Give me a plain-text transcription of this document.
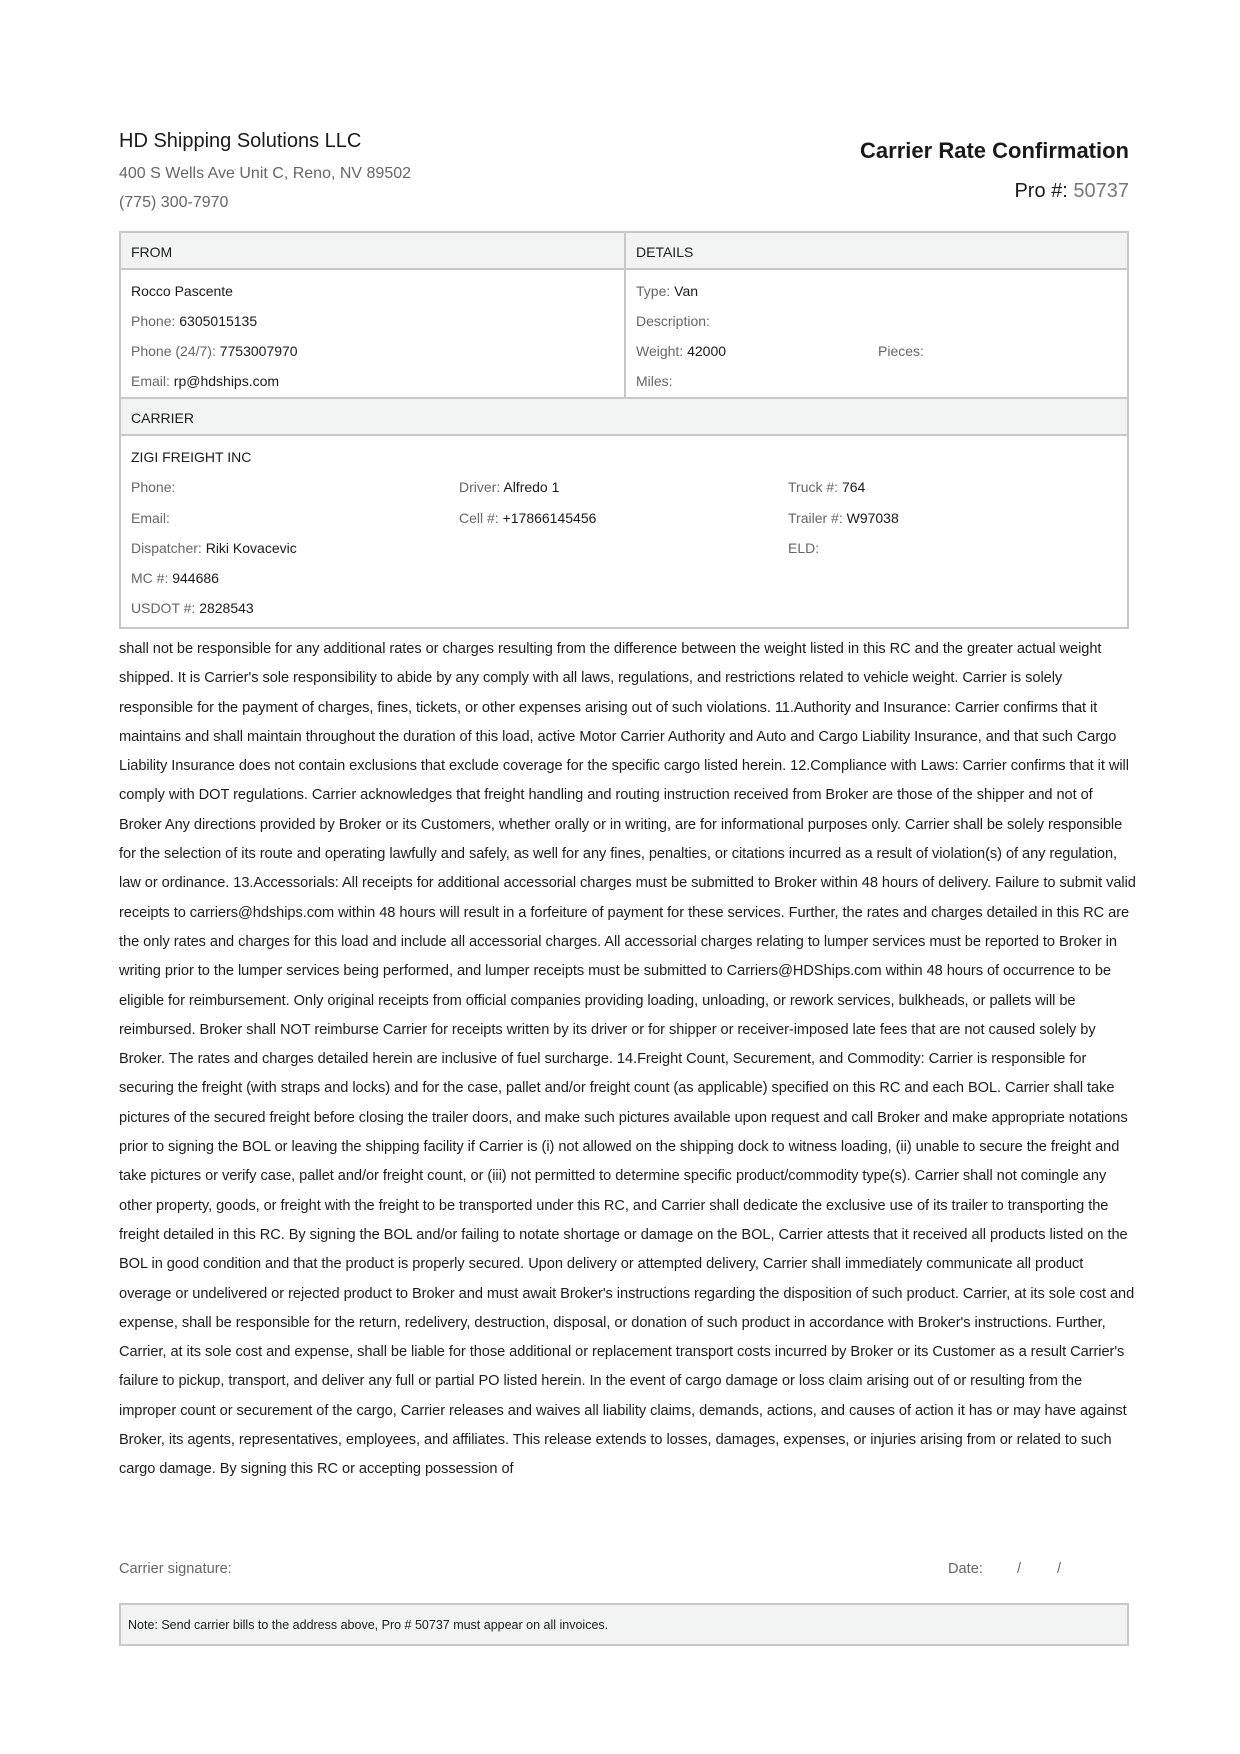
HD Shipping Solutions LLC
400 S Wells Ave Unit C, Reno, NV 89502
(775) 300-7970
Carrier Rate Confirmation
Pro #: 50737
FROM	DETAILS
Rocco Pascente
Phone: 6305015135
Phone (24/7): 7753007970
Email: rp@hdships.com
Type: Van
Description:
Weight: 42000	Pieces:
Miles:
CARRIER
ZIGI FREIGHT INC
Phone:
Email:
Dispatcher: Riki Kovacevic
MC #: 944686
USDOT #: 2828543
Driver: Alfredo 1
Cell #: +17866145456
Truck #: 764
Trailer #: W97038
ELD:
shall not be responsible for any additional rates or charges resulting from the difference between the weight listed in this RC and the greater actual weight shipped. It is Carrier's sole responsibility to abide by any comply with all laws, regulations, and restrictions related to vehicle weight. Carrier is solely responsible for the payment of charges, fines, tickets, or other expenses arising out of such violations. 11.Authority and Insurance: Carrier confirms that it maintains and shall maintain throughout the duration of this load, active Motor Carrier Authority and Auto and Cargo Liability Insurance, and that such Cargo Liability Insurance does not contain exclusions that exclude coverage for the specific cargo listed herein. 12.Compliance with Laws: Carrier confirms that it will comply with DOT regulations. Carrier acknowledges that freight handling and routing instruction received from Broker are those of the shipper and not of Broker Any directions provided by Broker or its Customers, whether orally or in writing, are for informational purposes only. Carrier shall be solely responsible for the selection of its route and operating lawfully and safely, as well for any fines, penalties, or citations incurred as a result of violation(s) of any regulation, law or ordinance. 13.Accessorials: All receipts for additional accessorial charges must be submitted to Broker within 48 hours of delivery. Failure to submit valid receipts to carriers@hdships.com within 48 hours will result in a forfeiture of payment for these services. Further, the rates and charges detailed in this RC are the only rates and charges for this load and include all accessorial charges. All accessorial charges relating to lumper services must be reported to Broker in writing prior to the lumper services being performed, and lumper receipts must be submitted to Carriers@HDShips.com within 48 hours of occurrence to be eligible for reimbursement. Only original receipts from official companies providing loading, unloading, or rework services, bulkheads, or pallets will be reimbursed. Broker shall NOT reimburse Carrier for receipts written by its driver or for shipper or receiver-imposed late fees that are not caused solely by Broker. The rates and charges detailed herein are inclusive of fuel surcharge. 14.Freight Count, Securement, and Commodity: Carrier is responsible for securing the freight (with straps and locks) and for the case, pallet and/or freight count (as applicable) specified on this RC and each BOL. Carrier shall take pictures of the secured freight before closing the trailer doors, and make such pictures available upon request and call Broker and make appropriate notations prior to signing the BOL or leaving the shipping facility if Carrier is (i) not allowed on the shipping dock to witness loading, (ii) unable to secure the freight and take pictures or verify case, pallet and/or freight count, or (iii) not permitted to determine specific product/commodity type(s). Carrier shall not comingle any other property, goods, or freight with the freight to be transported under this RC, and Carrier shall dedicate the exclusive use of its trailer to transporting the freight detailed in this RC. By signing the BOL and/or failing to notate shortage or damage on the BOL, Carrier attests that it received all products listed on the BOL in good condition and that the product is properly secured. Upon delivery or attempted delivery, Carrier shall immediately communicate all product overage or undelivered or rejected product to Broker and must await Broker's instructions regarding the disposition of such product. Carrier, at its sole cost and expense, shall be responsible for the return, redelivery, destruction, disposal, or donation of such product in accordance with Broker's instructions. Further, Carrier, at its sole cost and expense, shall be liable for those additional or replacement transport costs incurred by Broker or its Customer as a result Carrier's failure to pickup, transport, and deliver any full or partial PO listed herein. In the event of cargo damage or loss claim arising out of or resulting from the improper count or securement of the cargo, Carrier releases and waives all liability claims, demands, actions, and causes of action it has or may have against Broker, its agents, representatives, employees, and affiliates. This release extends to losses, damages, expenses, or injuries arising from or related to such cargo damage. By signing this RC or accepting possession of
Carrier signature:	Date: / /
Note: Send carrier bills to the address above, Pro # 50737 must appear on all invoices.
